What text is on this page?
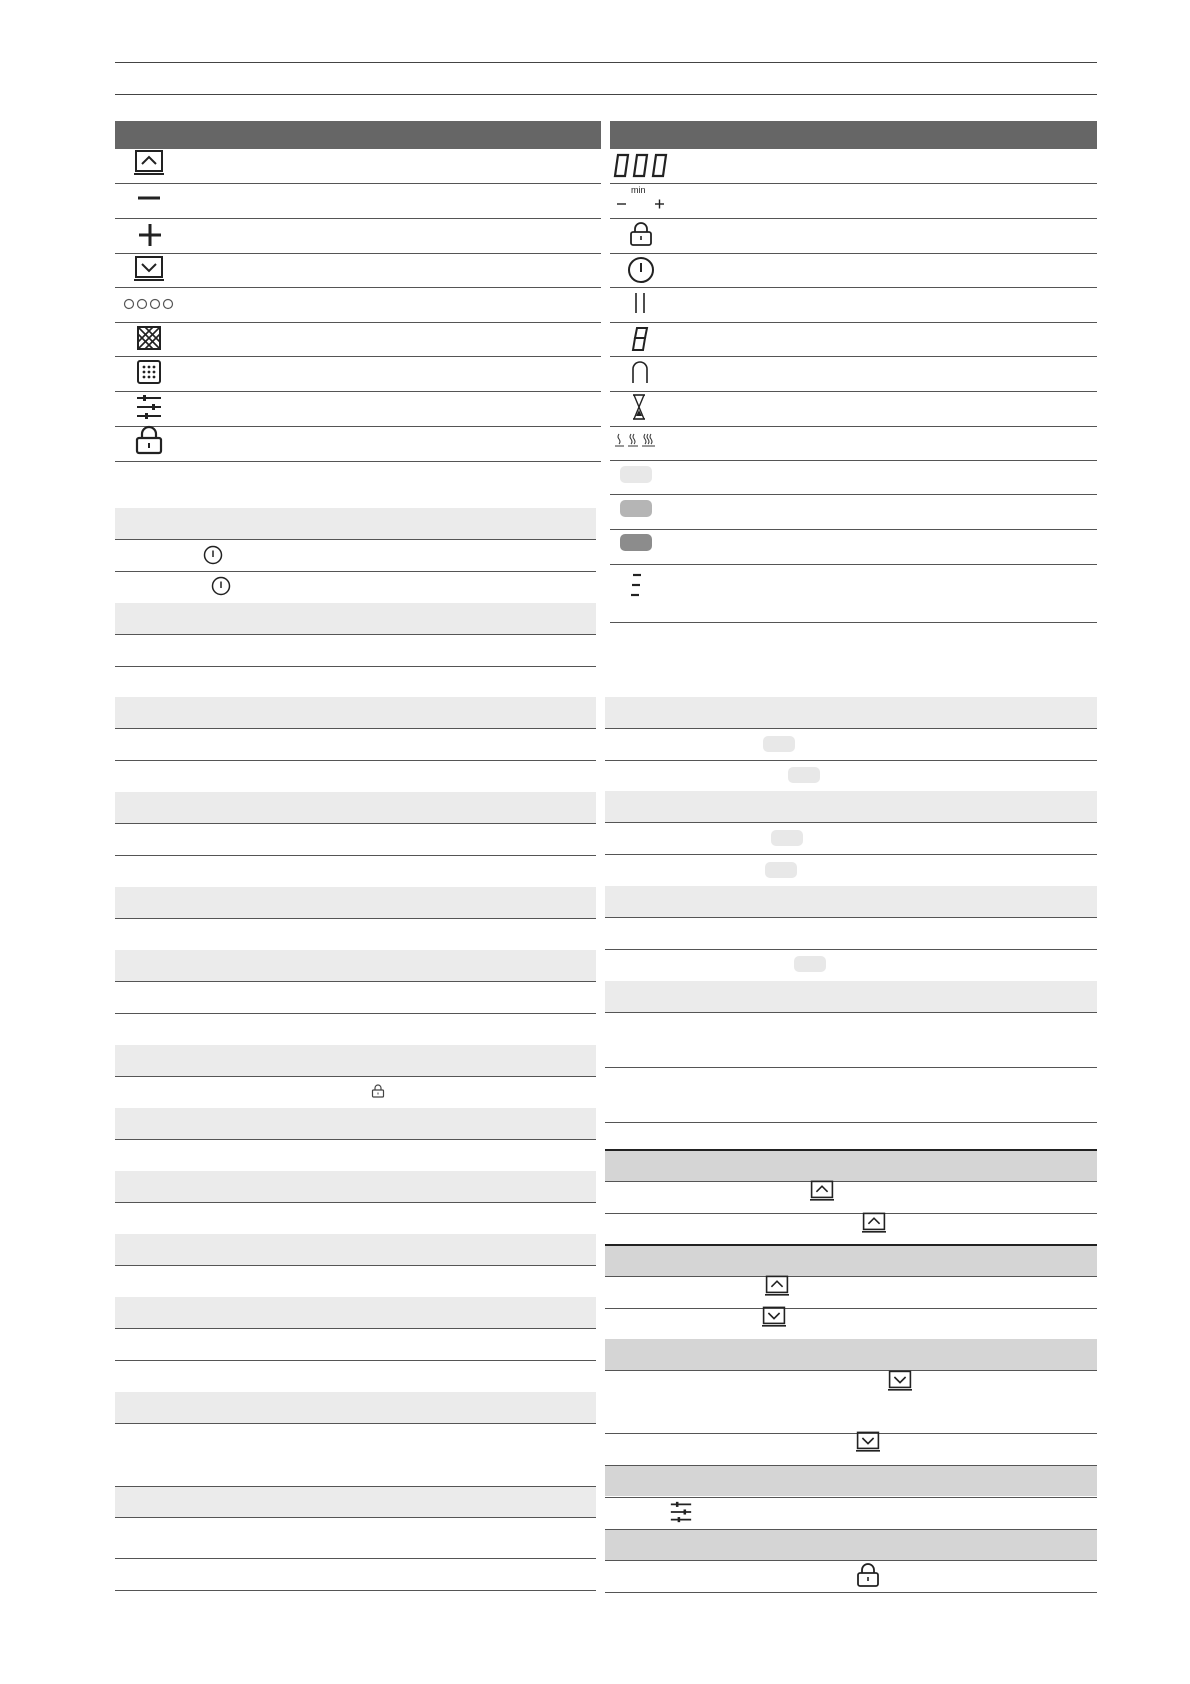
min
